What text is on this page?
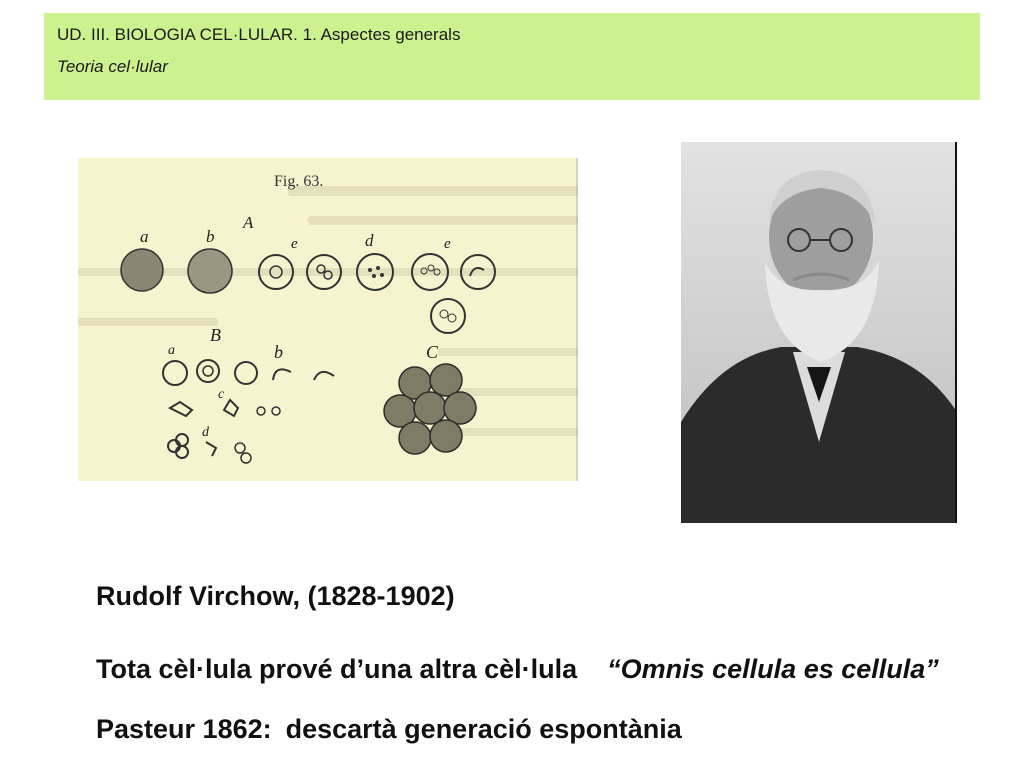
UD. III. BIOLOGIA CEL·LULAR. 1. Aspectes generals
Teoria cel·lular
Fig. 63.
A
a	b	e	d	e
B
a	b	C
c
d
Rudolf Virchow, (1828-1902)
Tota cèl·lula prové d’una altra cèl·lula “Omnis cellula es cellula”
Pasteur 1862: descartà generació espontània
